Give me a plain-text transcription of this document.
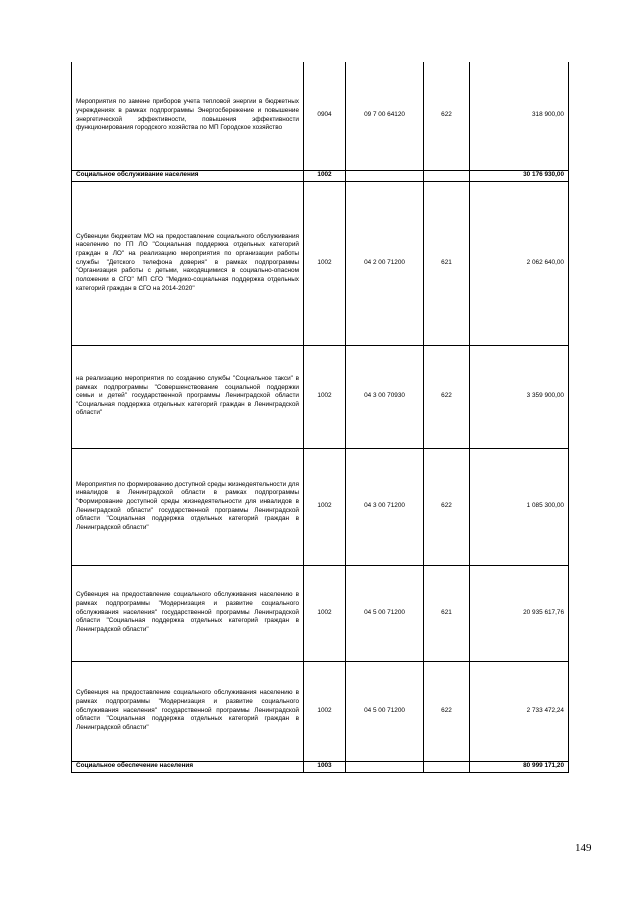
Мероприятия по замене приборов учета тепловой энергии в бюджетных учреждениях в рамках подпрограммы Энергосбережение и повышение энергетической эффективности, повышения эффективности функционирования городского хозяйства по МП Городское хозяйство	0904	09 7 00 64120	622	318 900,00
Социальное обслуживание населения	1002			30 176 930,00
Субвенции бюджетам МО на предоставление социального обслуживания населению по ГП ЛО "Социальная поддержка отдельных категорий граждан в ЛО" на реализацию мероприятия по организации работы службы "Детского телефона доверия" в рамках подпрограммы "Организация работы с детьми, находящимися в социально-опасном положении в СГО" МП СГО "Медико-социальная поддержка отдельных категорий граждан в СГО на 2014-2020"	1002	04 2 00 71200	621	2 062 640,00
на реализацию мероприятия по созданию службы "Социальное такси" в рамках подпрограммы "Совершенствование социальной поддержки семьи и детей" государственной программы Ленинградской области "Социальная поддержка отдельных категорий граждан в Ленинградской области"	1002	04 3 00 70930	622	3 359 900,00
Мероприятия по формированию доступной среды жизнедеятельности для инвалидов в Ленинградской области в рамках подпрограммы "Формирование доступной среды жизнедеятельности для инвалидов в Ленинградской области" государственной программы Ленинградской области "Социальная поддержка отдельных категорий граждан в Ленинградской области"	1002	04 3 00 71200	622	1 085 300,00
Субвенция на предоставление социального обслуживания населению в рамках подпрограммы "Модернизация и развитие социального обслуживания населения" государственной программы Ленинградской области "Социальная поддержка отдельных категорий граждан в Ленинградской области"	1002	04 5 00 71200	621	20 935 617,76
Субвенция на предоставление социального обслуживания населению в рамках подпрограммы "Модернизация и развитие социального обслуживания населения" государственной программы Ленинградской области "Социальная поддержка отдельных категорий граждан в Ленинградской области"	1002	04 5 00 71200	622	2 733 472,24
Социальное обеспечение населения	1003			80 999 171,20
149
